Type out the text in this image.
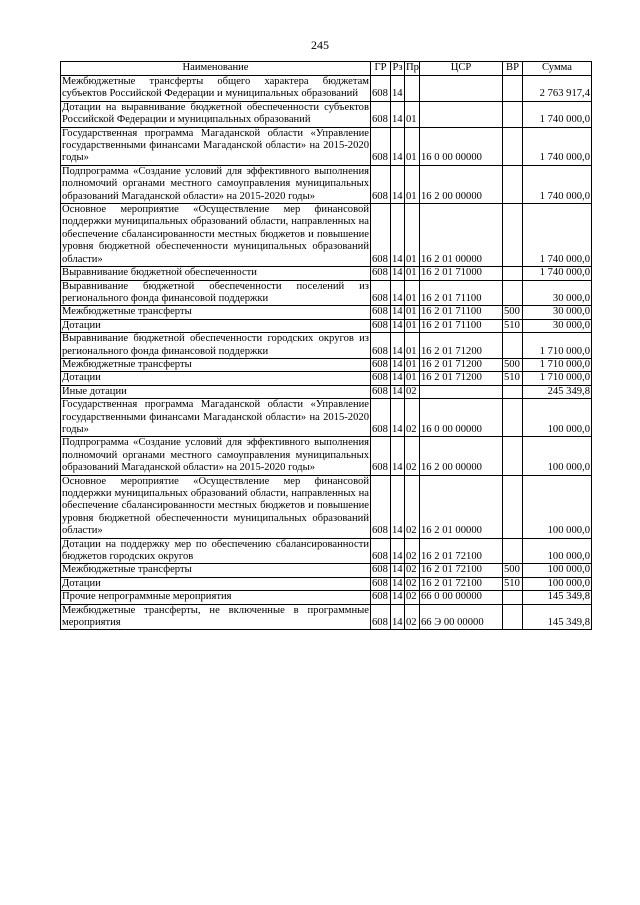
245
Наименование	ГР	Рз	Пр	ЦСР	ВР	Сумма
Межбюджетные трансферты общего характера бюджетам субъектов Российской Федерации и муниципальных образований	608	14				2 763 917,4
Дотации на выравнивание бюджетной обеспеченности субъектов Российской Федерации и муниципальных образований	608	14	01			1 740 000,0
Государственная программа Магаданской области «Управление государственными финансами Магаданской области» на 2015-2020 годы»	608	14	01	16 0 00 00000		1 740 000,0
Подпрограмма «Создание условий для эффективного выполнения полномочий органами местного самоуправления муниципальных образований Магаданской области» на 2015-2020 годы»	608	14	01	16 2 00 00000		1 740 000,0
Основное мероприятие «Осуществление мер финансовой поддержки муниципальных образований области, направленных на обеспечение сбалансированности местных бюджетов и повышение уровня бюджетной обеспеченности муниципальных образований области»	608	14	01	16 2 01 00000		1 740 000,0
Выравнивание бюджетной обеспеченности	608	14	01	16 2 01 71000		1 740 000,0
Выравнивание бюджетной обеспеченности поселений из регионального фонда финансовой поддержки	608	14	01	16 2 01 71100		30 000,0
Межбюджетные трансферты	608	14	01	16 2 01 71100	500	30 000,0
Дотации	608	14	01	16 2 01 71100	510	30 000,0
Выравнивание бюджетной обеспеченности городских округов из регионального фонда финансовой поддержки	608	14	01	16 2 01 71200		1 710 000,0
Межбюджетные трансферты	608	14	01	16 2 01 71200	500	1 710 000,0
Дотации	608	14	01	16 2 01 71200	510	1 710 000,0
Иные дотации	608	14	02			245 349,8
Государственная программа Магаданской области «Управление государственными финансами Магаданской области» на 2015-2020 годы»	608	14	02	16 0 00 00000		100 000,0
Подпрограмма «Создание условий для эффективного выполнения полномочий органами местного самоуправления муниципальных образований Магаданской области» на 2015-2020 годы»	608	14	02	16 2 00 00000		100 000,0
Основное мероприятие «Осуществление мер финансовой поддержки муниципальных образований области, направленных на обеспечение сбалансированности местных бюджетов и повышение уровня бюджетной обеспеченности муниципальных образований области»	608	14	02	16 2 01 00000		100 000,0
Дотации на поддержку мер по обеспечению сбалансированности бюджетов городских округов	608	14	02	16 2 01 72100		100 000,0
Межбюджетные трансферты	608	14	02	16 2 01 72100	500	100 000,0
Дотации	608	14	02	16 2 01 72100	510	100 000,0
Прочие непрограммные мероприятия	608	14	02	66 0 00 00000		145 349,8
Межбюджетные трансферты, не включенные в программные мероприятия	608	14	02	66 Э 00 00000		145 349,8
